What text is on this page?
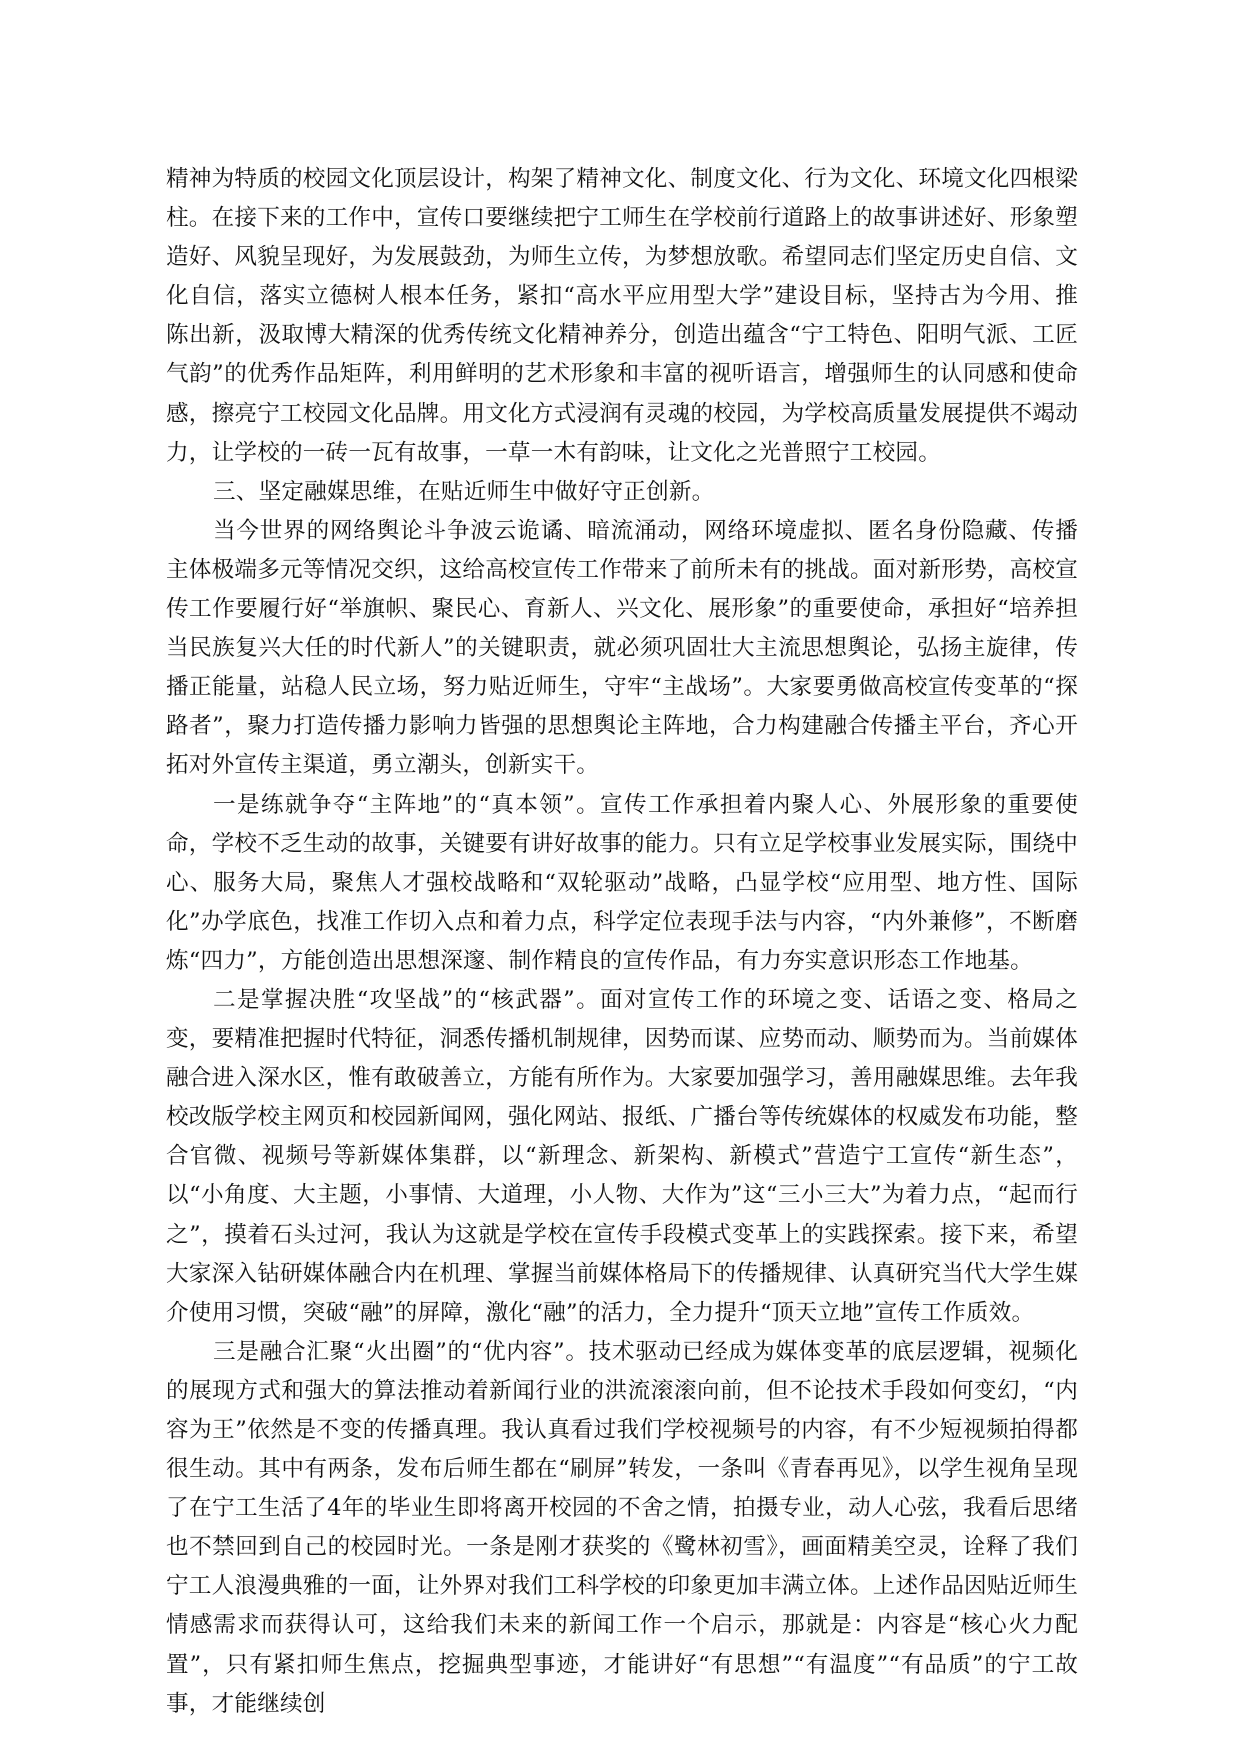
精神为特质的校园文化顶层设计，构架了精神文化、制度文化、行为文化、环境文化四根梁柱。在接下来的工作中，宣传口要继续把宁工师生在学校前行道路上的故事讲述好、形象塑造好、风貌呈现好，为发展鼓劲，为师生立传，为梦想放歌。希望同志们坚定历史自信、文化自信，落实立德树人根本任务，紧扣“高水平应用型大学”建设目标，坚持古为今用、推陈出新，汲取博大精深的优秀传统文化精神养分，创造出蕴含“宁工特色、阳明气派、工匠气韵”的优秀作品矩阵，利用鲜明的艺术形象和丰富的视听语言，增强师生的认同感和使命感，擦亮宁工校园文化品牌。用文化方式浸润有灵魂的校园，为学校高质量发展提供不竭动力，让学校的一砖一瓦有故事，一草一木有韵味，让文化之光普照宁工校园。

三、坚定融媒思维，在贴近师生中做好守正创新。

当今世界的网络舆论斗争波云诡谲、暗流涌动，网络环境虚拟、匿名身份隐藏、传播主体极端多元等情况交织，这给高校宣传工作带来了前所未有的挑战。面对新形势，高校宣传工作要履行好“举旗帜、聚民心、育新人、兴文化、展形象”的重要使命，承担好“培养担当民族复兴大任的时代新人”的关键职责，就必须巩固壮大主流思想舆论，弘扬主旋律，传播正能量，站稳人民立场，努力贴近师生，守牢“主战场”。大家要勇做高校宣传变革的“探路者”，聚力打造传播力影响力皆强的思想舆论主阵地，合力构建融合传播主平台，齐心开拓对外宣传主渠道，勇立潮头，创新实干。

一是练就争夺“主阵地”的“真本领”。宣传工作承担着内聚人心、外展形象的重要使命，学校不乏生动的故事，关键要有讲好故事的能力。只有立足学校事业发展实际，围绕中心、服务大局，聚焦人才强校战略和“双轮驱动”战略，凸显学校“应用型、地方性、国际化”办学底色，找准工作切入点和着力点，科学定位表现手法与内容，“内外兼修”，不断磨炼“四力”，方能创造出思想深邃、制作精良的宣传作品，有力夯实意识形态工作地基。

二是掌握决胜“攻坚战”的“核武器”。面对宣传工作的环境之变、话语之变、格局之变，要精准把握时代特征，洞悉传播机制规律，因势而谋、应势而动、顺势而为。当前媒体融合进入深水区，惟有敢破善立，方能有所作为。大家要加强学习，善用融媒思维。去年我校改版学校主网页和校园新闻网，强化网站、报纸、广播台等传统媒体的权威发布功能，整合官微、视频号等新媒体集群，以“新理念、新架构、新模式”营造宁工宣传“新生态”，以“小角度、大主题，小事情、大道理，小人物、大作为”这“三小三大”为着力点，“起而行之”，摸着石头过河，我认为这就是学校在宣传手段模式变革上的实践探索。接下来，希望大家深入钻研媒体融合内在机理、掌握当前媒体格局下的传播规律、认真研究当代大学生媒介使用习惯，突破“融”的屏障，激化“融”的活力，全力提升“顶天立地”宣传工作质效。

三是融合汇聚“火出圈”的“优内容”。技术驱动已经成为媒体变革的底层逻辑，视频化的展现方式和强大的算法推动着新闻行业的洪流滚滚向前，但不论技术手段如何变幻，“内容为王”依然是不变的传播真理。我认真看过我们学校视频号的内容，有不少短视频拍得都很生动。其中有两条，发布后师生都在“刷屏”转发，一条叫《青春再见》，以学生视角呈现了在宁工生活了4年的毕业生即将离开校园的不舍之情，拍摄专业，动人心弦，我看后思绪也不禁回到自己的校园时光。一条是刚才获奖的《鹭林初雪》，画面精美空灵，诠释了我们宁工人浪漫典雅的一面，让外界对我们工科学校的印象更加丰满立体。上述作品因贴近师生情感需求而获得认可，这给我们未来的新闻工作一个启示，那就是：内容是“核心火力配置”，只有紧扣师生焦点，挖掘典型事迹，才能讲好“有思想”“有温度”“有品质”的宁工故事，才能继续创
